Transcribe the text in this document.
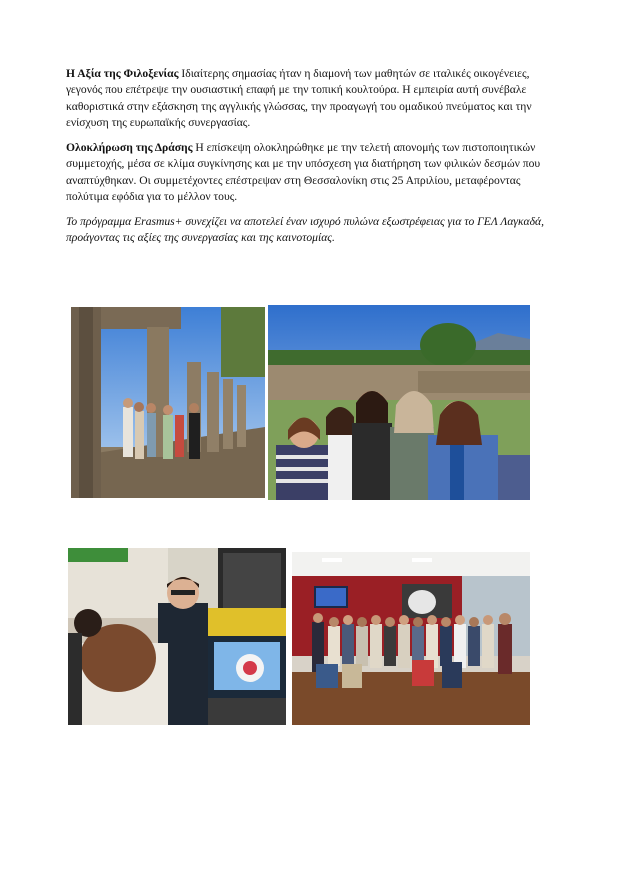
Η Αξία της Φιλοξενίας Ιδιαίτερης σημασίας ήταν η διαμονή των μαθητών σε ιταλικές οικογένειες, γεγονός που επέτρεψε την ουσιαστική επαφή με την τοπική κουλτούρα. Η εμπειρία αυτή συνέβαλε καθοριστικά στην εξάσκηση της αγγλικής γλώσσας, την προαγωγή του ομαδικού πνεύματος και την ενίσχυση της ευρωπαϊκής συνεργασίας.

Ολοκλήρωση της Δράσης Η επίσκεψη ολοκληρώθηκε με την τελετή απονομής των πιστοποιητικών συμμετοχής, μέσα σε κλίμα συγκίνησης και με την υπόσχεση για διατήρηση των φιλικών δεσμών που αναπτύχθηκαν. Οι συμμετέχοντες επέστρεψαν στη Θεσσαλονίκη στις 25 Απριλίου, μεταφέροντας πολύτιμα εφόδια για το μέλλον τους.

Το πρόγραμμα Erasmus+ συνεχίζει να αποτελεί έναν ισχυρό πυλώνα εξωστρέφειας για το ΓΕΛ Λαγκαδά, προάγοντας τις αξίες της συνεργασίας και της καινοτομίας.
